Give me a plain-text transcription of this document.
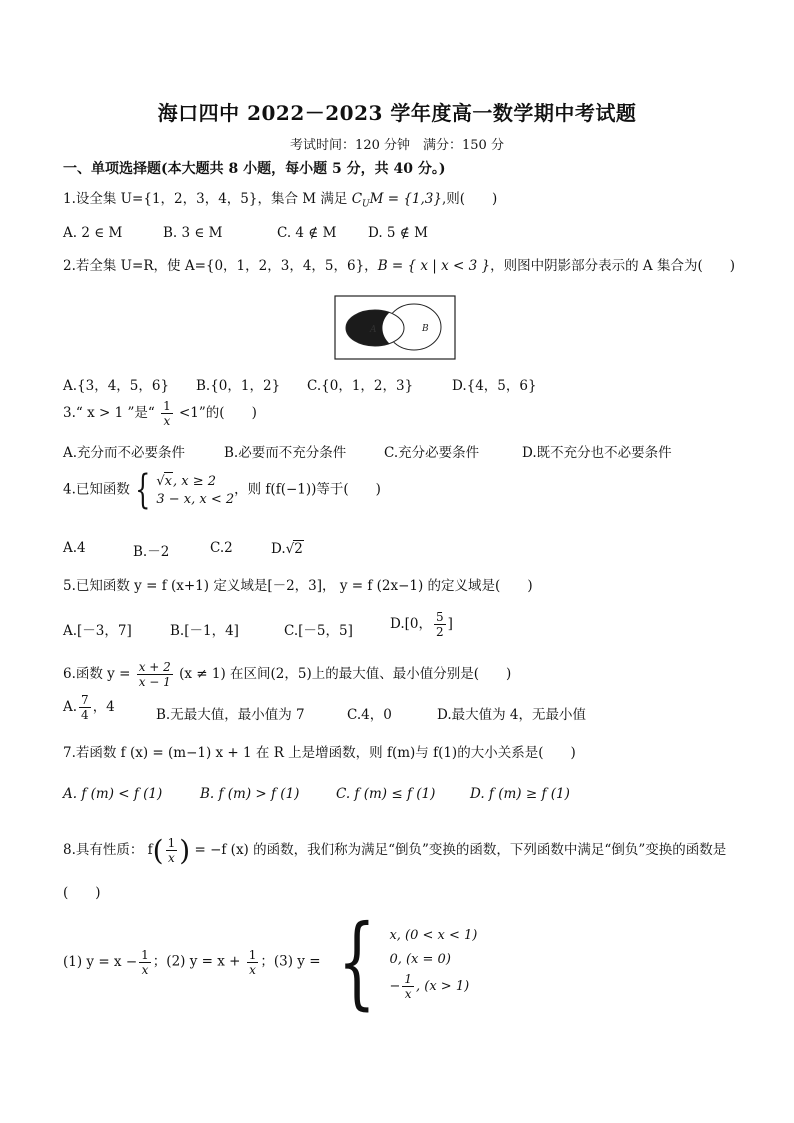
海口四中 2022－2023 学年度高一数学期中考试题
考试时间：120 分钟　满分：150 分
一、单项选择题(本大题共 8 小题，每小题 5 分，共 40 分。)
1.设全集 U={1，2，3，4，5}，集合 M 满足 $C_UM = \{1,3\}$,则(　　)
A. 2 ∈ M	B. 3 ∈ M	C. 4 ∉ M D. 5 ∉ M
2.若全集 U=R，使 A={0，1，2，3，4，5，6}，B = { x | x < 3 }，则图中阴影部分表示的 A 集合为(　　)
A	B
A.{3，4，5，6} B.{0，1，2} C.{0，1，2，3}	D.{4，5，6}
3.“ x > 1 ”是“ $\frac{1}{x} <1$”的(　　)
A.充分而不必要条件	B.必要而不充分条件	C.充分必要条件	D.既不充分也不必要条件
4.已知函数 { √x, x ≥ 2
3 − x, x < 2
，则 f(f(−1))等于(　　)
A.4	B.－2	C.2	D.√2
5.已知函数 y = f (x+1) 定义域是[－2，3]， y = f (2x−1) 的定义域是(　　)
A.[－3，7]	B.[－1，4]	C.[－5，5]	D.[0， $\frac{5}{2}$ ]
6.函数 $y = \frac{x + 2}{x - 1} (x \ne 1)$ 在区间(2，5)上的最大值、最小值分别是(　　)
A. $\frac{7}{4}$ ，4	B.无最大值，最小值为 7	C.4，0	D.最大值为 4，无最小值
7.若函数 f (x) = (m−1) x + 1 在 R 上是增函数，则 f(m)与 f(1)的大小关系是(　　)
A. f (m) < f (1)	B. f (m) > f (1)	C. f (m) ≤ f (1)	D. f (m) ≥ f (1)
8.具有性质： $f( \frac{1}{x}$ ) = −f (x) 的函数，我们称为满足“倒负”变换的函数，下列函数中满足“倒负”变换的函数是
(　　)
(1) $y = x - \frac{1}{x}$ ；(2) $y = x + \frac{1}{x}$ ；(3) y = { x, (0 < x < 1)
0, (x = 0)
− $\frac{1}{x}$ , (x > 1)
